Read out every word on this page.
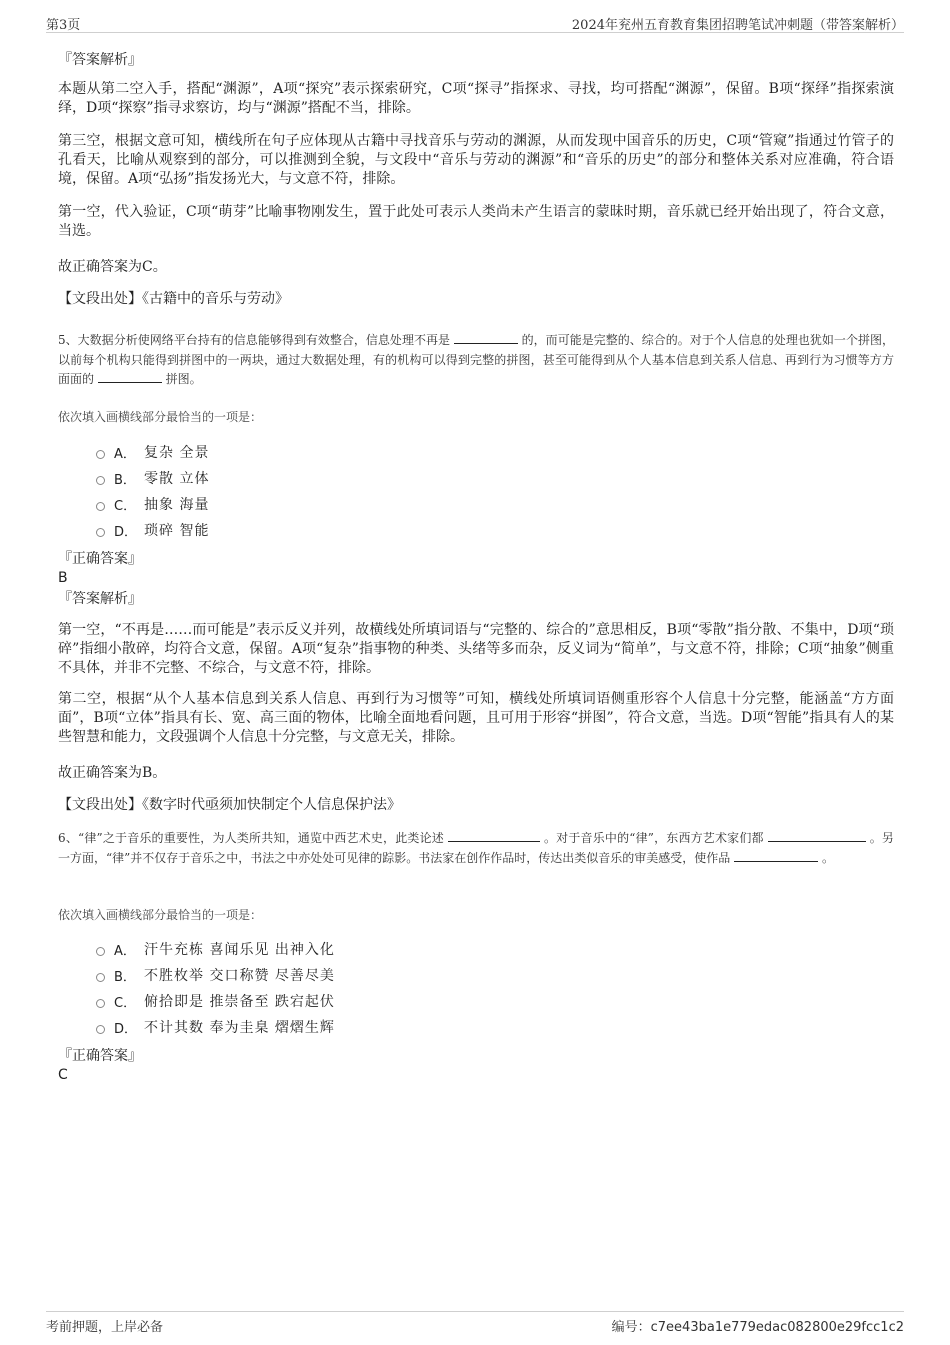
第3页	2024年兖州五育教育集团招聘笔试冲刺题（带答案解析）
『答案解析』

本题从第二空入手，搭配“渊源”，A项“探究”表示探索研究，C项“探寻”指探求、寻找，均可搭配“渊源”，保留。B项“探绎”指探索演绎，D项“探察”指寻求察访，均与“渊源”搭配不当，排除。

第三空，根据文意可知，横线所在句子应体现从古籍中寻找音乐与劳动的渊源，从而发现中国音乐的历史，C项“管窥”指通过竹管子的孔看天，比喻从观察到的部分，可以推测到全貌，与文段中“音乐与劳动的渊源”和“音乐的历史”的部分和整体关系对应准确，符合语境，保留。A项“弘扬”指发扬光大，与文意不符，排除。

第一空，代入验证，C项“萌芽”比喻事物刚发生，置于此处可表示人类尚未产生语言的蒙昧时期，音乐就已经开始出现了，符合文意，当选。

故正确答案为C。
【文段出处】《古籍中的音乐与劳动》

5、大数据分析使网络平台持有的信息能够得到有效整合，信息处理不再是	的，而可能是完整的、综合的。对于个人信息的处理也犹如一个拼图，以前每个机构只能得到拼图中的一两块，通过大数据处理，有的机构可以得到完整的拼图，甚至可能得到从个人基本信息到关系人信息、再到行为习惯等方方面面的	拼图。

依次填入画横线部分最恰当的一项是：
A． 复杂 全景
B． 零散 立体
C． 抽象 海量
D． 琐碎 智能
『正确答案』
B
『答案解析』

第一空，“不再是……而可能是”表示反义并列，故横线处所填词语与“完整的、综合的”意思相反，B项“零散”指分散、不集中，D项“琐碎”指细小散碎，均符合文意，保留。A项“复杂”指事物的种类、头绪等多而杂，反义词为“简单”，与文意不符，排除；C项“抽象”侧重不具体，并非不完整、不综合，与文意不符，排除。

第二空，根据“从个人基本信息到关系人信息、再到行为习惯等”可知，横线处所填词语侧重形容个人信息十分完整，能涵盖“方方面面”，B项“立体”指具有长、宽、高三面的物体，比喻全面地看问题，且可用于形容“拼图”，符合文意，当选。D项“智能”指具有人的某些智慧和能力，文段强调个人信息十分完整，与文意无关，排除。

故正确答案为B。
【文段出处】《数字时代亟须加快制定个人信息保护法》

6、“律”之于音乐的重要性，为人类所共知，通览中西艺术史，此类论述	。对于音乐中的“律”，东西方艺术家们都	。另一方面，“律”并不仅存于音乐之中，书法之中亦处处可见律的踪影。书法家在创作作品时，传达出类似音乐的审美感受，使作品	。

依次填入画横线部分最恰当的一项是：
A． 汗牛充栋 喜闻乐见 出神入化
B． 不胜枚举 交口称赞 尽善尽美
C． 俯拾即是 推崇备至 跌宕起伏
D． 不计其数 奉为圭臬 熠熠生辉
『正确答案』
C
考前押题，上岸必备	编号：c7ee43ba1e779edac082800e29fcc1c2
